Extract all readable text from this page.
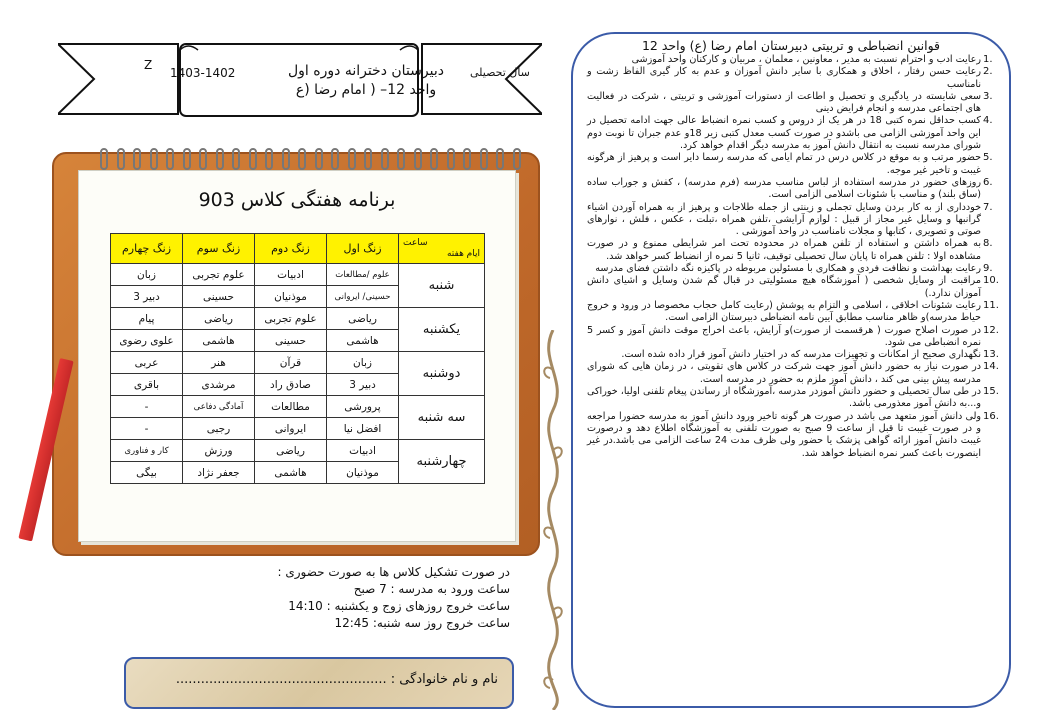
Z
1403-1402	سال تحصیلی
دبیرستان دخترانه دوره اول
واحد 12– ( امام رضا (ع
برنامه هفتگی کلاس 903
ساعت
ایام هفته	زنگ اول	زنگ دوم	زنگ سوم	زنگ چهارم
شنبه	علوم /مطالعات	ادبیات	علوم تجربی	زبان
	حسینی/ ایروانی	موذنیان	حسینی	دبیر 3
یکشنبه	ریاضی	علوم تجربی	ریاضی	پیام
	هاشمی	حسینی	هاشمی	علوی رضوی
دوشنبه	زبان	قرآن	هنر	عربی
	دبیر 3	صادق راد	مرشدی	باقری
سه شنبه	پرورشی	مطالعات	آمادگی دفاعی	-
	افضل نیا	ایروانی	رجبی	-
چهارشنبه	ادبیات	ریاضی	ورزش	کار و فناوری
	موذنیان	هاشمی	جعفر نژاد	بیگی
در صورت تشکیل کلاس ها به صورت حضوری :
ساعت ورود به مدرسه : 7 صبح
ساعت خروج روزهای زوج و یکشنبه : 14:10
ساعت خروج روز سه شنبه: 12:45
نام و نام خانوادگی : ...................................................
قوانین انضباطی و تربیتی دبیرستان امام رضا (ع) واحد 12
1.
رعایت ادب و احترام نسبت به مدیر ، معاونین ، معلمان ، مربیان و کارکنان واحد آموزشی
2.
رعایت حسن رفتار ، اخلاق و همکاری با سایر دانش آموزان و عدم به کار گیری الفاظ زشت و نامناسب
3.
سعی شایسته در یادگیری و تحصیل و اطاعت از دستورات آموزشی و تربیتی ، شرکت در فعالیت های اجتماعی مدرسه و انجام فرایض دینی
4.
کسب حداقل نمره کتبی 18 در هر یک از دروس و کسب نمره انضباط عالی جهت ادامه تحصیل در این واحد آموزشی الزامی می باشدو در صورت کسب معدل کتبی زیر 18و عدم جبران تا نوبت دوم شورای مدرسه نسبت به انتقال دانش آموز به مدرسه دیگر اقدام خواهد کرد.
5.
حضور مرتب و به موقع در کلاس درس در تمام ایامی که مدرسه رسما دایر است و پرهیز از هرگونه غیبت و تاخیر غیر موجه.
6.
روزهای حضور در مدرسه استفاده از لباس مناسب مدرسه (فرم مدرسه) ، کفش و جوراب ساده (ساق بلند) و مناسب با شئونات اسلامی الزامی است.
7.
خودداری از به کار بردن وسایل تجملی و زینتی از جمله طلاجات و پرهیز از به همراه آوردن اشیاء گرانبها و وسایل غیر مجاز از قبیل : لوازم آرایشی ،تلفن همراه ،تبلت ، عکس ، فلش ، نوارهای صوتی و تصویری ، کتابها و مجلات نامناسب در واحد آموزشی .
8.
به همراه داشتن و استفاده از تلفن همراه در محدوده تحت امر شرایطی ممنوع و در صورت مشاهده اولا : تلفن همراه تا پایان سال تحصیلی توقیف، ثانیا 5 نمره از انضباط کسر خواهد شد.
9.
رعایت بهداشت و نظافت فردی و همکاری با مسئولین مربوطه در پاکیزه نگه داشتن فضای مدرسه
10.
مراقبت از وسایل شخصی ( آموزشگاه هیچ مسئولیتی در قبال گم شدن وسایل و اشیای دانش آموزان ندارد.)
11.
رعایت شئونات اخلاقی ، اسلامی و التزام به پوشش (رعایت کامل حجاب مخصوصا در ورود و خروج حیاط مدرسه)و ظاهر مناسب مطابق آیین نامه انضباطی دبیرستان الزامی است.
12.
در صورت اصلاح صورت ( هرقسمت از صورت)و آرایش، باعث اخراج موقت دانش آموز و کسر 5 نمره انضباطی می شود.
13.
نگهداری صحیح از امکانات و تجهیزات مدرسه که در اختیار دانش آموز قرار داده شده است.
14.
در صورت نیاز به حضور دانش آموز جهت شرکت در کلاس های تقویتی ، در زمان هایی که شورای مدرسه پیش بینی می کند ، دانش آموز ملزم به حضور در مدرسه است.
15.
در طی سال تحصیلی و حضور دانش آموزدر مدرسه ،آموزشگاه از رساندن پیغام تلفنی اولیا، خوراکی و...به دانش آموز معذورمی باشد.
16.
ولی دانش آموز متعهد می باشد در صورت هر گونه تاخیر ورود دانش آموز به مدرسه حضورا مراجعه و در صورت غیبت تا قبل از ساعت 9 صبح به صورت تلفنی به آموزشگاه اطلاع دهد و درصورت غیبت دانش آموز ارائه گواهی پزشک یا حضور ولی ظرف مدت 24 ساعت الزامی می باشد.در غیر اینصورت باعث کسر نمره انضباط خواهد شد.
